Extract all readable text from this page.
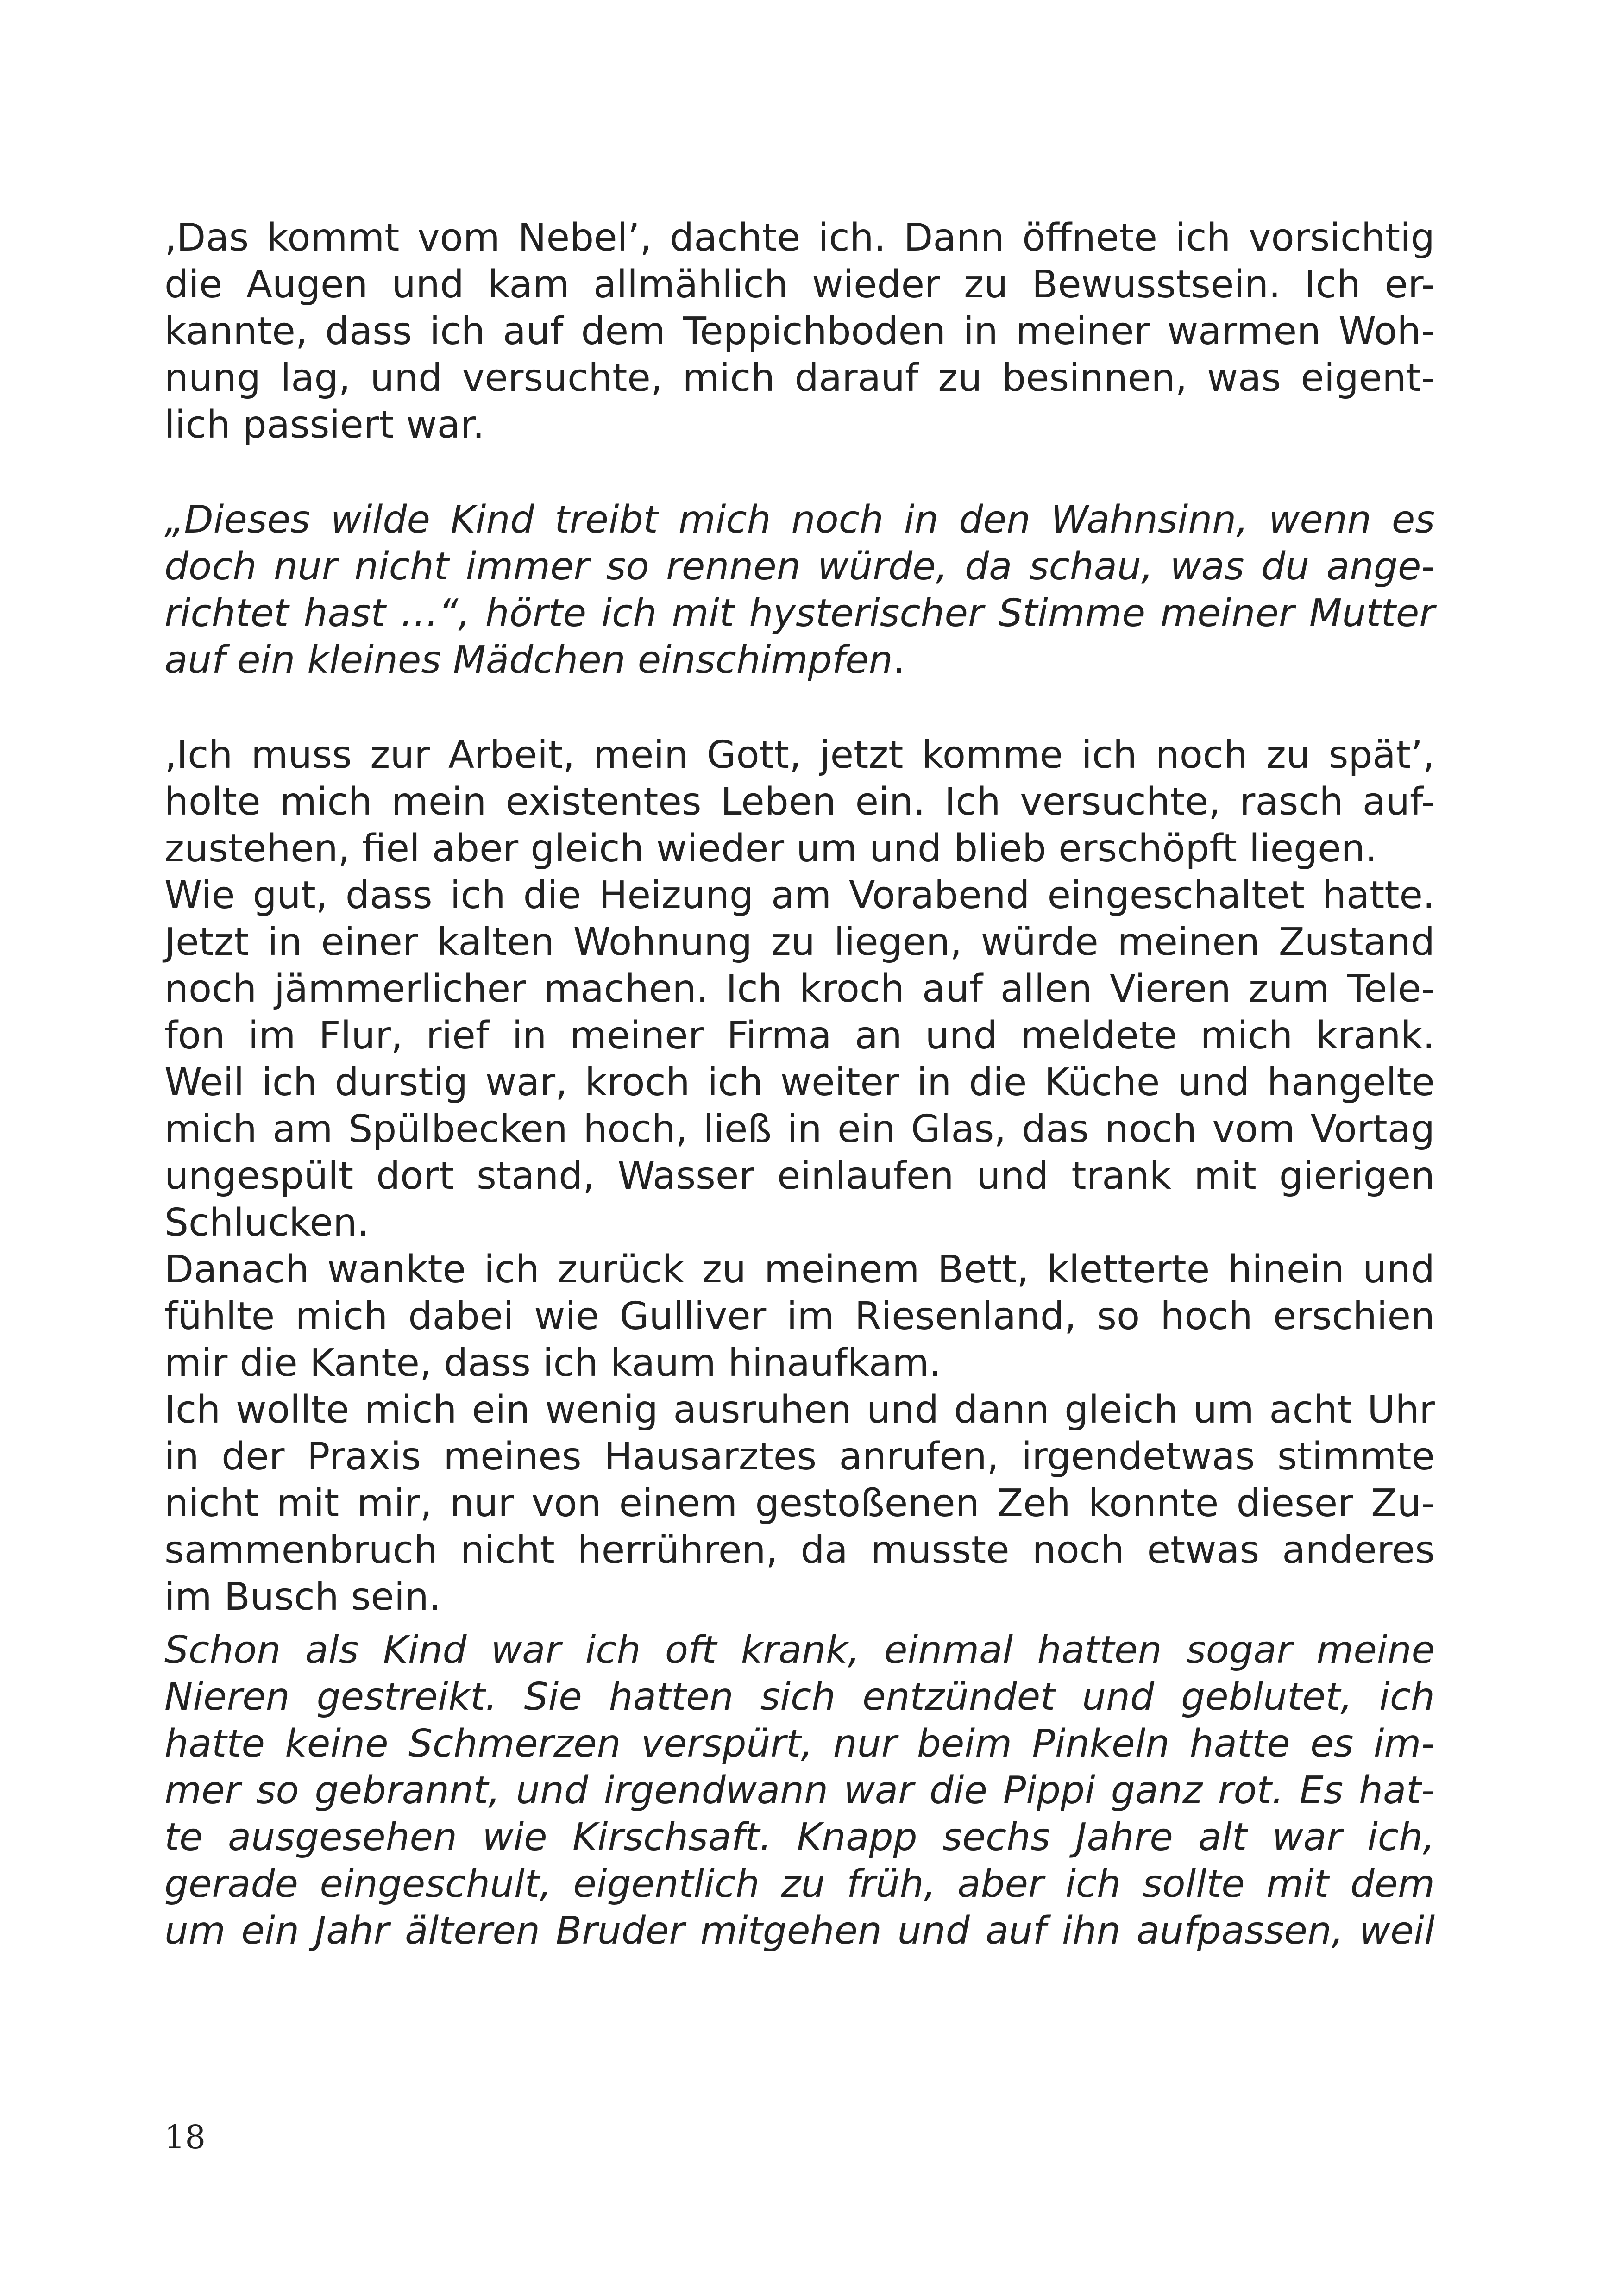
‚Das kommt vom Nebel’, dachte ich. Dann öffnete ich vorsichtig
die Augen und kam allmählich wieder zu Bewusstsein. Ich er-
kannte, dass ich auf dem Teppichboden in meiner warmen Woh-
nung lag, und versuchte, mich darauf zu besinnen, was eigent-
lich passiert war.
„Dieses wilde Kind treibt mich noch in den Wahnsinn, wenn es
doch nur nicht immer so rennen würde, da schau, was du ange-
richtet hast …“, hörte ich mit hysterischer Stimme meiner Mutter
auf ein kleines Mädchen einschimpfen.
‚Ich muss zur Arbeit, mein Gott, jetzt komme ich noch zu spät’,
holte mich mein existentes Leben ein. Ich versuchte, rasch auf-
zustehen, fiel aber gleich wieder um und blieb erschöpft liegen.
Wie gut, dass ich die Heizung am Vorabend eingeschaltet hatte.
Jetzt in einer kalten Wohnung zu liegen, würde meinen Zustand
noch jämmerlicher machen. Ich kroch auf allen Vieren zum Tele-
fon im Flur, rief in meiner Firma an und meldete mich krank.
Weil ich durstig war, kroch ich weiter in die Küche und hangelte
mich am Spülbecken hoch, ließ in ein Glas, das noch vom Vortag
ungespült dort stand, Wasser einlaufen und trank mit gierigen
Schlucken.
Danach wankte ich zurück zu meinem Bett, kletterte hinein und
fühlte mich dabei wie Gulliver im Riesenland, so hoch erschien
mir die Kante, dass ich kaum hinaufkam.
Ich wollte mich ein wenig ausruhen und dann gleich um acht Uhr
in der Praxis meines Hausarztes anrufen, irgendetwas stimmte
nicht mit mir, nur von einem gestoßenen Zeh konnte dieser Zu-
sammenbruch nicht herrühren, da musste noch etwas anderes
im Busch sein.
Schon als Kind war ich oft krank, einmal hatten sogar meine
Nieren gestreikt. Sie hatten sich entzündet und geblutet, ich
hatte keine Schmerzen verspürt, nur beim Pinkeln hatte es im-
mer so gebrannt, und irgendwann war die Pippi ganz rot. Es hat-
te ausgesehen wie Kirschsaft. Knapp sechs Jahre alt war ich,
gerade eingeschult, eigentlich zu früh, aber ich sollte mit dem
um ein Jahr älteren Bruder mitgehen und auf ihn aufpassen, weil
18
